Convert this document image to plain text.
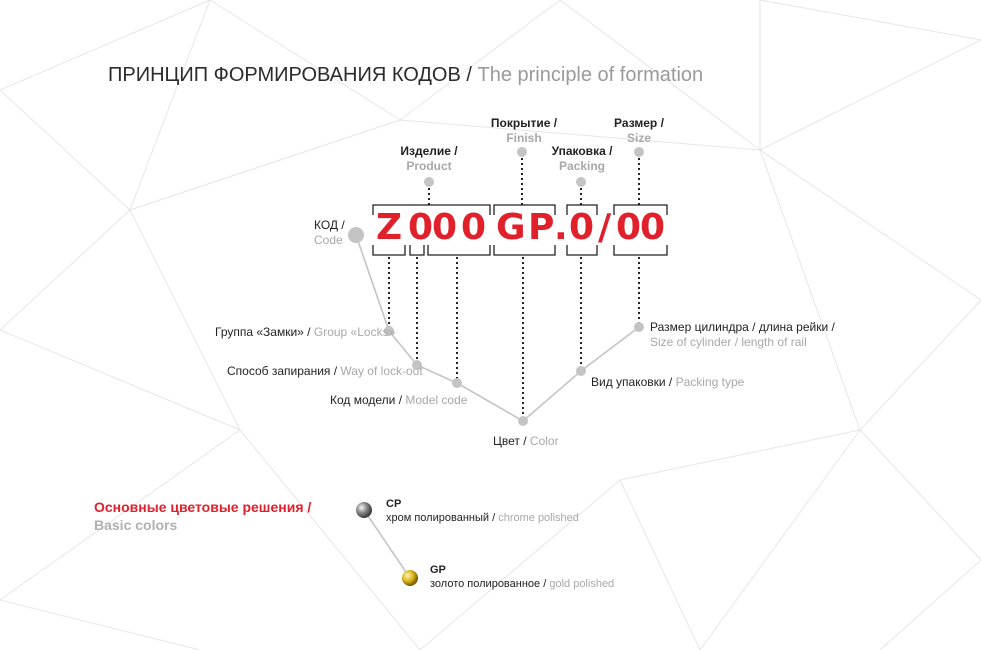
ПРИНЦИП ФОРМИРОВАНИЯ КОДОВ / The principle of formation
Изделие /
Product
Покрытие /
Finish
Упаковка /
Packing
Размер /
Size
КОД /
Code Z 0
0 0 G P . 0 / 0
0
Группа «Замки» / Group «Locks»
Способ запирания / Way of lock-out
Код модели / Model code
Цвет / Color
Вид упаковки / Packing type
Размер цилиндра / длина рейки /
Size of cylinder / length of rail
Основные цветовые решения /
Basic colors
CP
хром полированный / chrome polished
GP
золото полированное / gold polished
